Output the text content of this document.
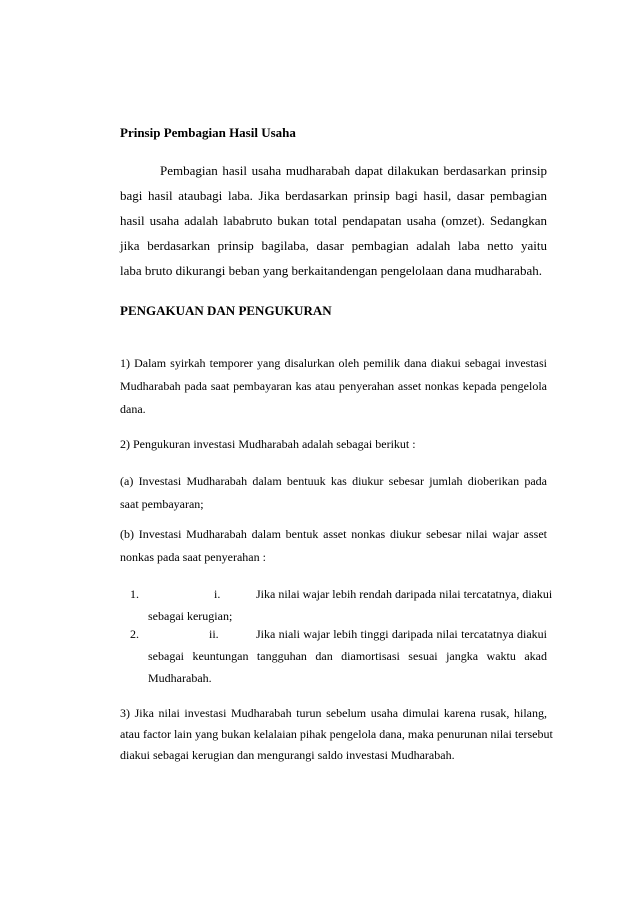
Prinsip Pembagian Hasil Usaha
Pembagian hasil usaha mudharabah dapat dilakukan berdasarkan prinsip
bagi hasil ataubagi laba. Jika berdasarkan prinsip bagi hasil, dasar pembagian
hasil usaha adalah lababruto bukan total pendapatan usaha (omzet). Sedangkan
jika berdasarkan prinsip bagilaba, dasar pembagian adalah laba netto yaitu
laba bruto dikurangi beban yang berkaitandengan pengelolaan dana mudharabah.
PENGAKUAN DAN PENGUKURAN
1) Dalam syirkah temporer yang disalurkan oleh pemilik dana diakui sebagai investasi
Mudharabah pada saat pembayaran kas atau penyerahan asset nonkas kepada pengelola
dana.
2) Pengukuran investasi Mudharabah adalah sebagai berikut :
(a) Investasi Mudharabah dalam bentuuk kas diukur sebesar jumlah dioberikan pada
saat pembayaran;
(b) Investasi Mudharabah dalam bentuk asset nonkas diukur sebesar nilai wajar asset
nonkas pada saat penyerahan :
1.	i.	Jika nilai wajar lebih rendah daripada nilai tercatatnya, diakui
sebagai kerugian;
2.	ii.	Jika niali wajar lebih tinggi daripada nilai tercatatnya diakui
sebagai keuntungan tangguhan dan diamortisasi sesuai jangka waktu akad
Mudharabah.
3) Jika nilai investasi Mudharabah turun sebelum usaha dimulai karena rusak, hilang,
atau factor lain yang bukan kelalaian pihak pengelola dana, maka penurunan nilai tersebut
diakui sebagai kerugian dan mengurangi saldo investasi Mudharabah.
